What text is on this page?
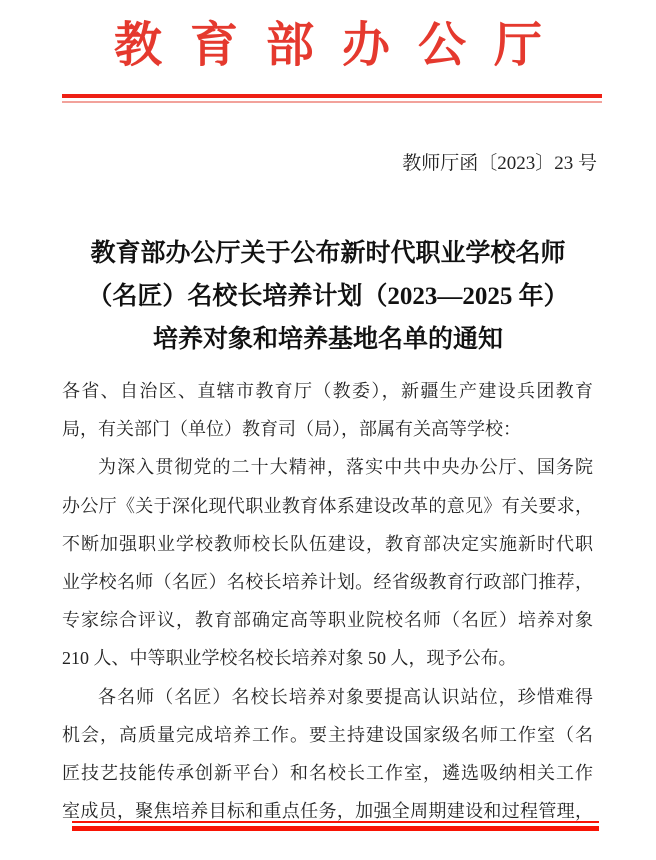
教育部办公厅
教师厅函〔2023〕23 号
教育部办公厅关于公布新时代职业学校名师
（名匠）名校长培养计划（2023—2025 年）
培养对象和培养基地名单的通知
各省、自治区、直辖市教育厅（教委），新疆生产建设兵团教育
局，有关部门（单位）教育司（局），部属有关高等学校：
为深入贯彻党的二十大精神，落实中共中央办公厅、国务院
办公厅《关于深化现代职业教育体系建设改革的意见》有关要求，
不断加强职业学校教师校长队伍建设，教育部决定实施新时代职
业学校名师（名匠）名校长培养计划。经省级教育行政部门推荐，
专家综合评议，教育部确定高等职业院校名师（名匠）培养对象
210 人、中等职业学校名校长培养对象 50 人，现予公布。
各名师（名匠）名校长培养对象要提高认识站位，珍惜难得
机会，高质量完成培养工作。要主持建设国家级名师工作室（名
匠技艺技能传承创新平台）和名校长工作室，遴选吸纳相关工作
室成员，聚焦培养目标和重点任务，加强全周期建设和过程管理，
